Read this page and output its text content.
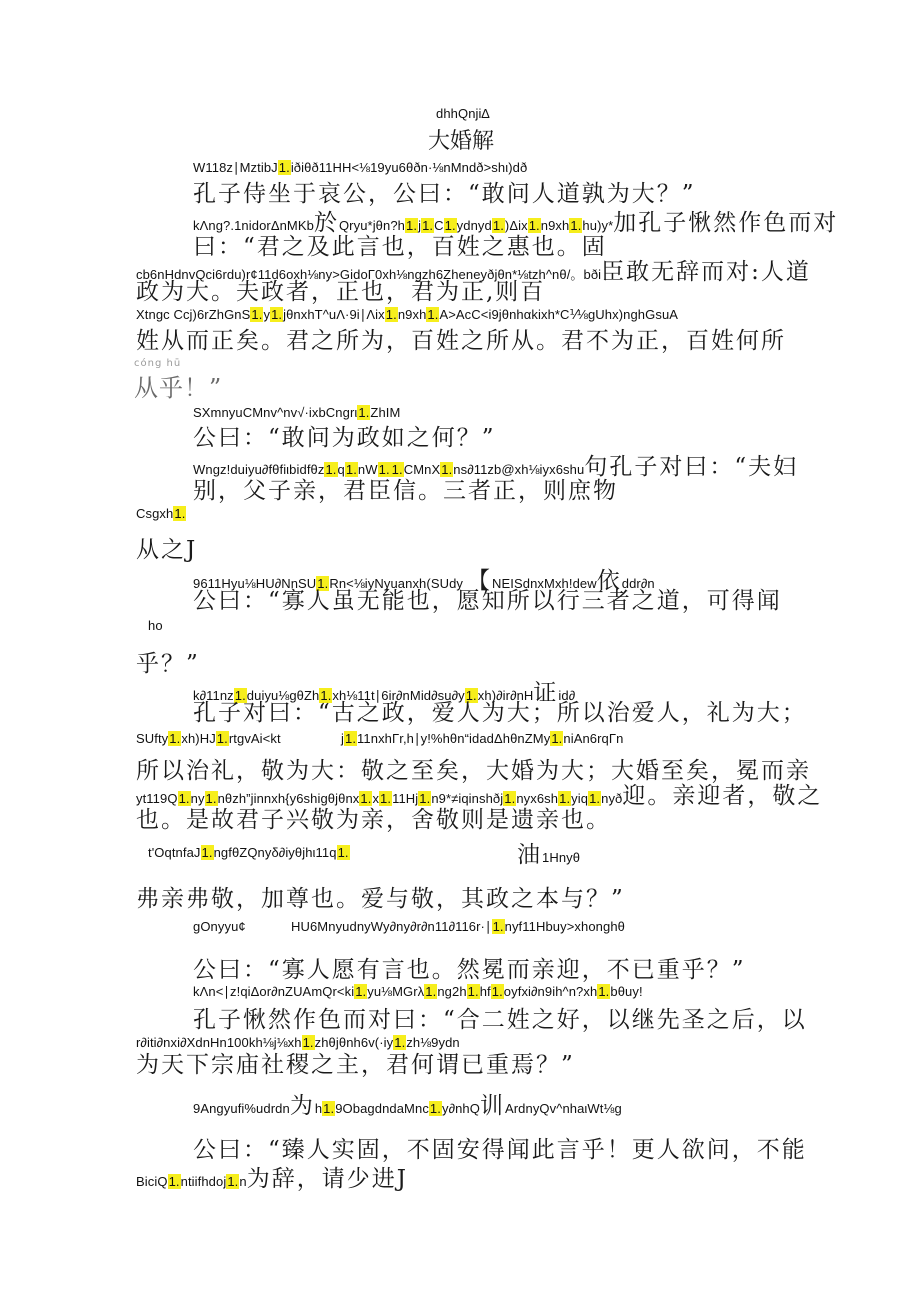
dhhQnji∆
大婚解
W118z∣MztibJ1.iðiθð11HH<⅛19yu6θðn·⅛nMndð>shι)dð
孔子侍坐于哀公，公曰：“敢问人道孰为大？”
kΛng?.1nidorΔnMKb於Qryu*jθn?h1.j1.C1.ydnyd1.)Δix1.n9xh1.hu)y*加孔子愀然作色而对
曰：“君之及此言也，百姓之惠也。固
cb6nHdnvQci6rdu)r¢11d6oxh⅛ny>GidoΓ0xh⅛ngzh6Zheneyðjθn*⅛tzh^nθ/。bði臣敢无辞而对:人道
政为大。夫政者，正也，君为正,则百
Xtngc Ccj)6rZhGnS1.y1.jθnxhT^uΛ·9i∣Λix1.n9xh1.A>AcC<i9jθnhαkixh*C⅟⅛gUhx)nghGsuA
姓从而正矣。君之所为，百姓之所从。君不为正，百姓何所
cóng hū
从乎！”
SXmnyuCMnv^nv√·ixbCngrι1.ZhIM
公曰：“敢问为政如之何？”
Wngz!duiyu∂fθfiιbidfθz1.q1.nW1. 1.CMnX1.ns∂11zb@xh⅛iyx6shu句孔子对曰：“夫妇
别，父子亲，君臣信。三者正，则庶物
Csgxh1.
从之J
9611Hyu⅛HU∂NnSU1.Rn<⅛iyNyuanxh(SUdy 【NEISdnxMxh!dew依ddr∂n
公曰：“寡人虽无能也，愿知所以行三者之道，可得闻
ho
乎？”
k∂11nz1.duiyu⅛gθZh1.xh⅛11t∣6ir∂nMid∂su∂y1.xh)∂ir∂nH证id∂
孔子对曰：“古之政，爱人为大；所以治爱人，礼为大；
SUfty1.xh)HJ1.rtgvAi<kt	j1.11nxhΓr,h∣y!%hθn“idadΔhθnZMy1.niAn6rqΓn
所以治礼，敬为大：敬之至矣，大婚为大；大婚至矣，冕而亲
yt119Q1.ny1.nθzh”jinnxh{y6shigθjθnx1.x1.11Hj1.n9*≠iqinshðj1.nyx6sh1.yiq1.nyð迎。亲迎者，敬之
也。是故君子兴敬为亲，舍敬则是遗亲也。
t'OqtnfaJ1.ngfθZQnyδ∂iyθjhι11q1.	油1Hnyθ
弗亲弗敬，加尊也。爱与敬，其政之本与？”
gOnyyu¢	HU6MnyudnyWy∂ny∂r∂n11∂116r·∣1.nyf11Hbuy>xhonghθ
公曰：“寡人愿有言也。然冕而亲迎，不已重乎？”
kΛn<∣z!qiΔor∂nZUAmQr<ki1.yu⅛MGrλ1.ng2h1.hf1.oyfxi∂n9ih^n?xh1.bθuy!
孔子愀然作色而对曰：“合二姓之好，以继先圣之后，以
r∂iti∂nxi∂XdnHn100kh⅛j⅛xh1.zhθjθnh6v(·iy1.zh⅛9ydn
为天下宗庙社稷之主，君何谓已重焉？”
9Angyufi%udrdn为h1.9ObagdndaMnc1.y∂nhQ训ArdnyQv^nhaιWt⅛g
公曰：“臻人实固，不固安得闻此言乎！更人欲问，不能
BiciQ1.ntiifhdoj1.n为辞，请少进J
